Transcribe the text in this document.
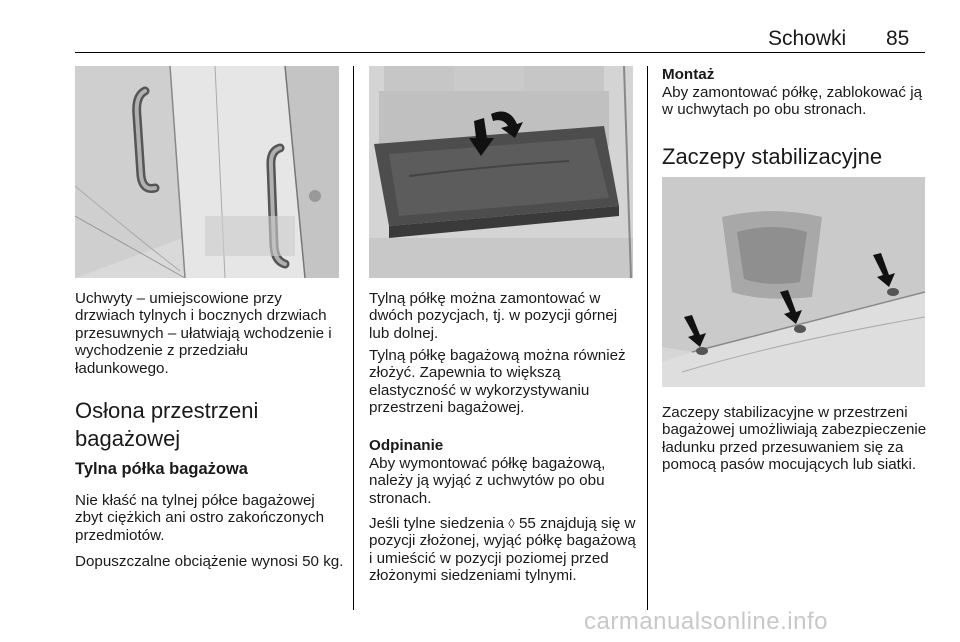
Schowki 85
Uchwyty – umiejscowione przy drzwiach tylnych i bocznych drzwiach przesuwnych – ułatwiają wchodzenie i wychodzenie z przedziału ładunkowego.
Osłona przestrzeni
bagażowej
Tylna półka bagażowa
Nie kłaść na tylnej półce bagażowej zbyt ciężkich ani ostro zakończonych przedmiotów.
Dopuszczalne obciążenie wynosi 50 kg.
Tylną półkę można zamontować w dwóch pozycjach, tj. w pozycji górnej lub dolnej.
Tylną półkę bagażową można również złożyć. Zapewnia to większą elastyczność w wykorzystywaniu przestrzeni bagażowej.
Odpinanie
Aby wymontować półkę bagażową, należy ją wyjąć z uchwytów po obu stronach.
Jeśli tylne siedzenia ◊ 55 znajdują się w pozycji złożonej, wyjąć półkę bagażową i umieścić w pozycji poziomej przed złożonymi siedzeniami tylnymi.
Montaż
Aby zamontować półkę, zablokować ją w uchwytach po obu stronach.
Zaczepy stabilizacyjne
Zaczepy stabilizacyjne w przestrzeni bagażowej umożliwiają zabezpieczenie ładunku przed przesuwaniem się za pomocą pasów mocujących lub siatki.
carmanualsonline.info
